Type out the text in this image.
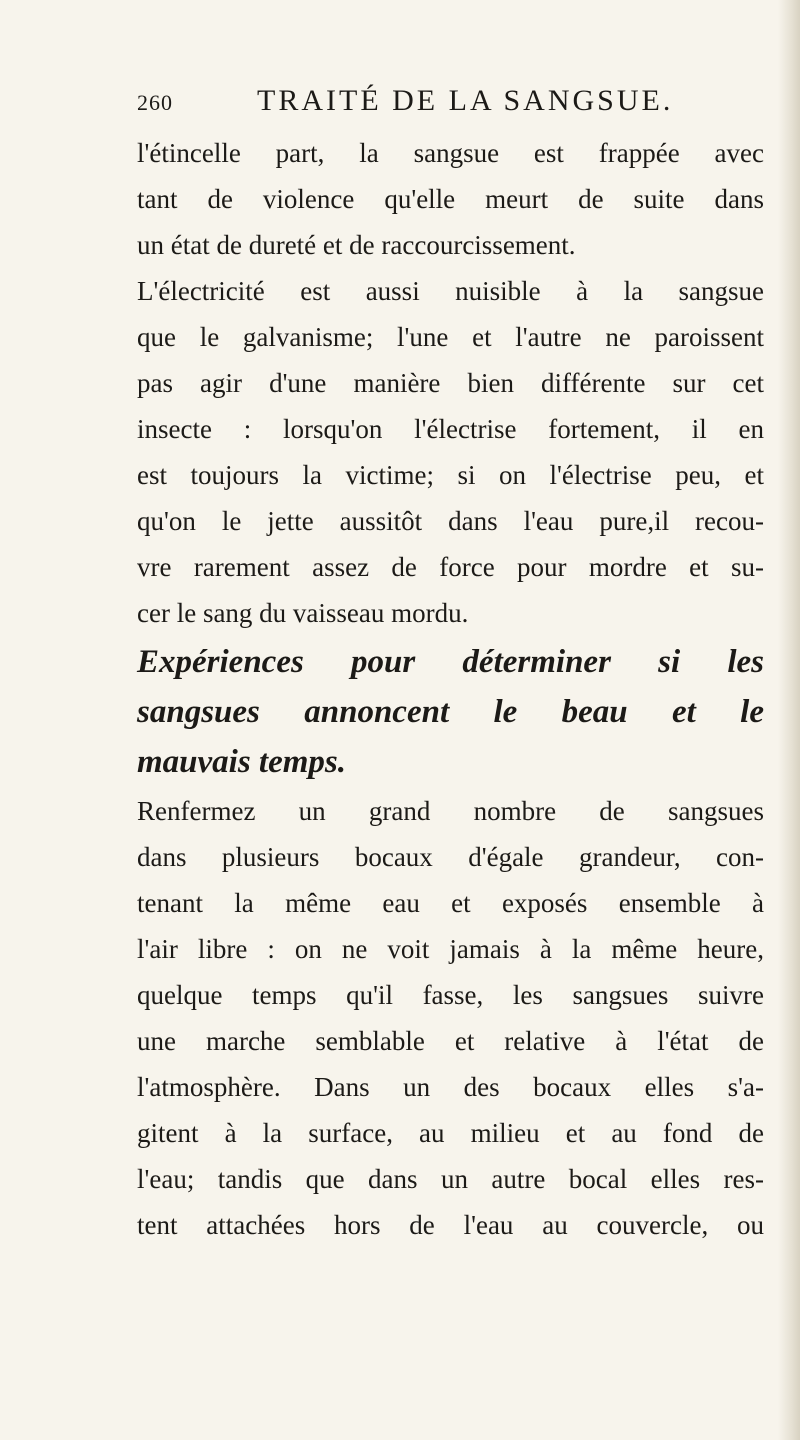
260	TRAITÉ DE LA SANGSUE.
l'étincelle part, la sangsue est frappée avec
tant de violence qu'elle meurt de suite dans
un état de dureté et de raccourcissement.
L'électricité est aussi nuisible à la sangsue
que le galvanisme; l'une et l'autre ne paroissent
pas agir d'une manière bien différente sur cet
insecte : lorsqu'on l'électrise fortement, il en
est toujours la victime; si on l'électrise peu, et
qu'on le jette aussitôt dans l'eau pure,il recou-
vre rarement assez de force pour mordre et su-
cer le sang du vaisseau mordu.
Expériences pour déterminer si les
sangsues annoncent le beau et le
mauvais temps.
Renfermez un grand nombre de sangsues
dans plusieurs bocaux d'égale grandeur, con-
tenant la même eau et exposés ensemble à
l'air libre : on ne voit jamais à la même heure,
quelque temps qu'il fasse, les sangsues suivre
une marche semblable et relative à l'état de
l'atmosphère. Dans un des bocaux elles s'a-
gitent à la surface, au milieu et au fond de
l'eau; tandis que dans un autre bocal elles res-
tent attachées hors de l'eau au couvercle, ou
